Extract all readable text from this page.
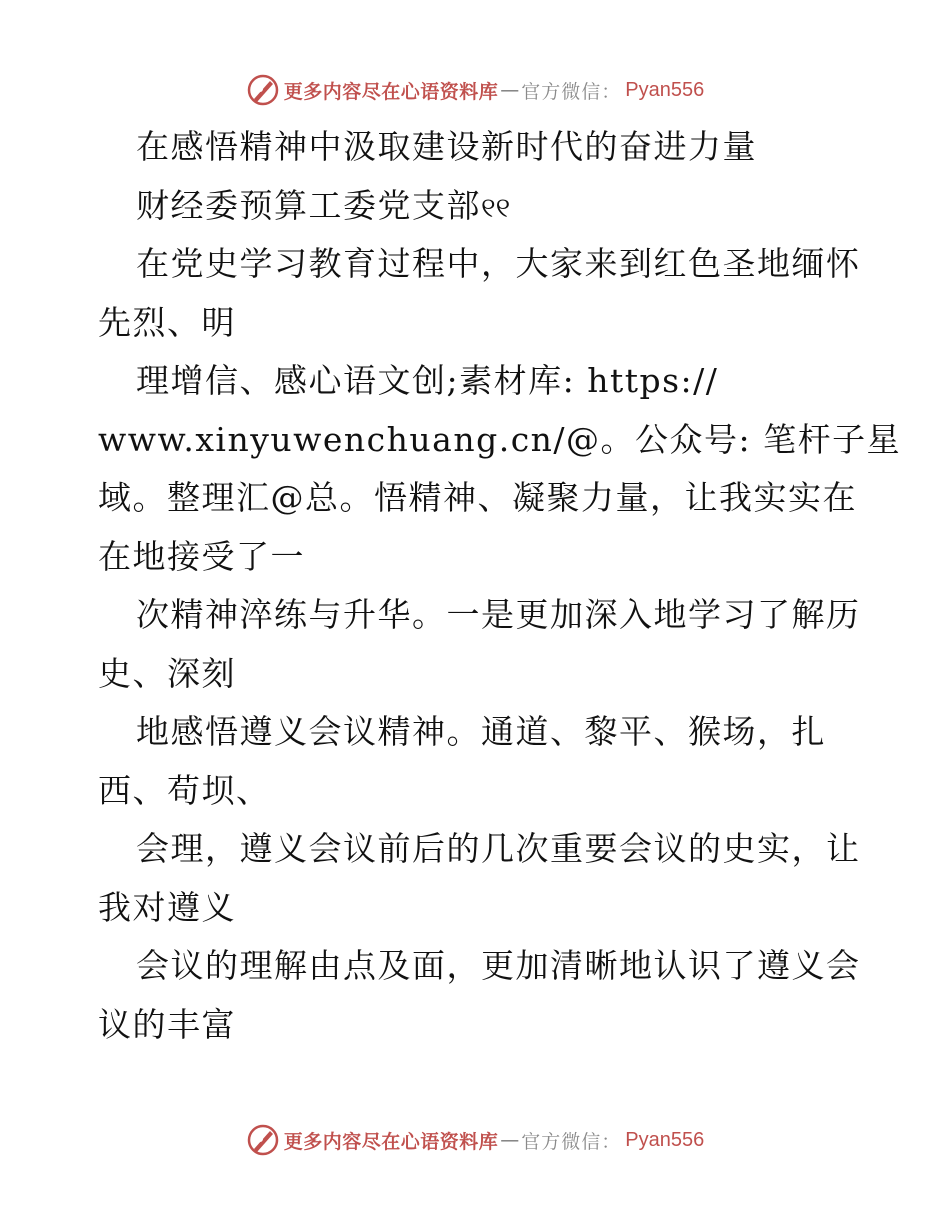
更多内容尽在心语资料库 — 官方微信： Pyan556
在感悟精神中汲取建设新时代的奋进力量
财经委预算工委党支部୧୧
在党史学习教育过程中，大家来到红色圣地缅怀
先烈、明
理增信、感心语文创;素材库: https://
www.xinyuwenchuang.cn/@。公众号: 笔杆子星
域。整理汇@总。悟精神、凝聚力量，让我实实在
在地接受了一
次精神淬练与升华。一是更加深入地学习了解历
史、深刻
地感悟遵义会议精神。通道、黎平、猴场，扎
西、苟坝、
会理，遵义会议前后的几次重要会议的史实，让
我对遵义
会议的理解由点及面，更加清晰地认识了遵义会
议的丰富
更多内容尽在心语资料库 — 官方微信： Pyan556
